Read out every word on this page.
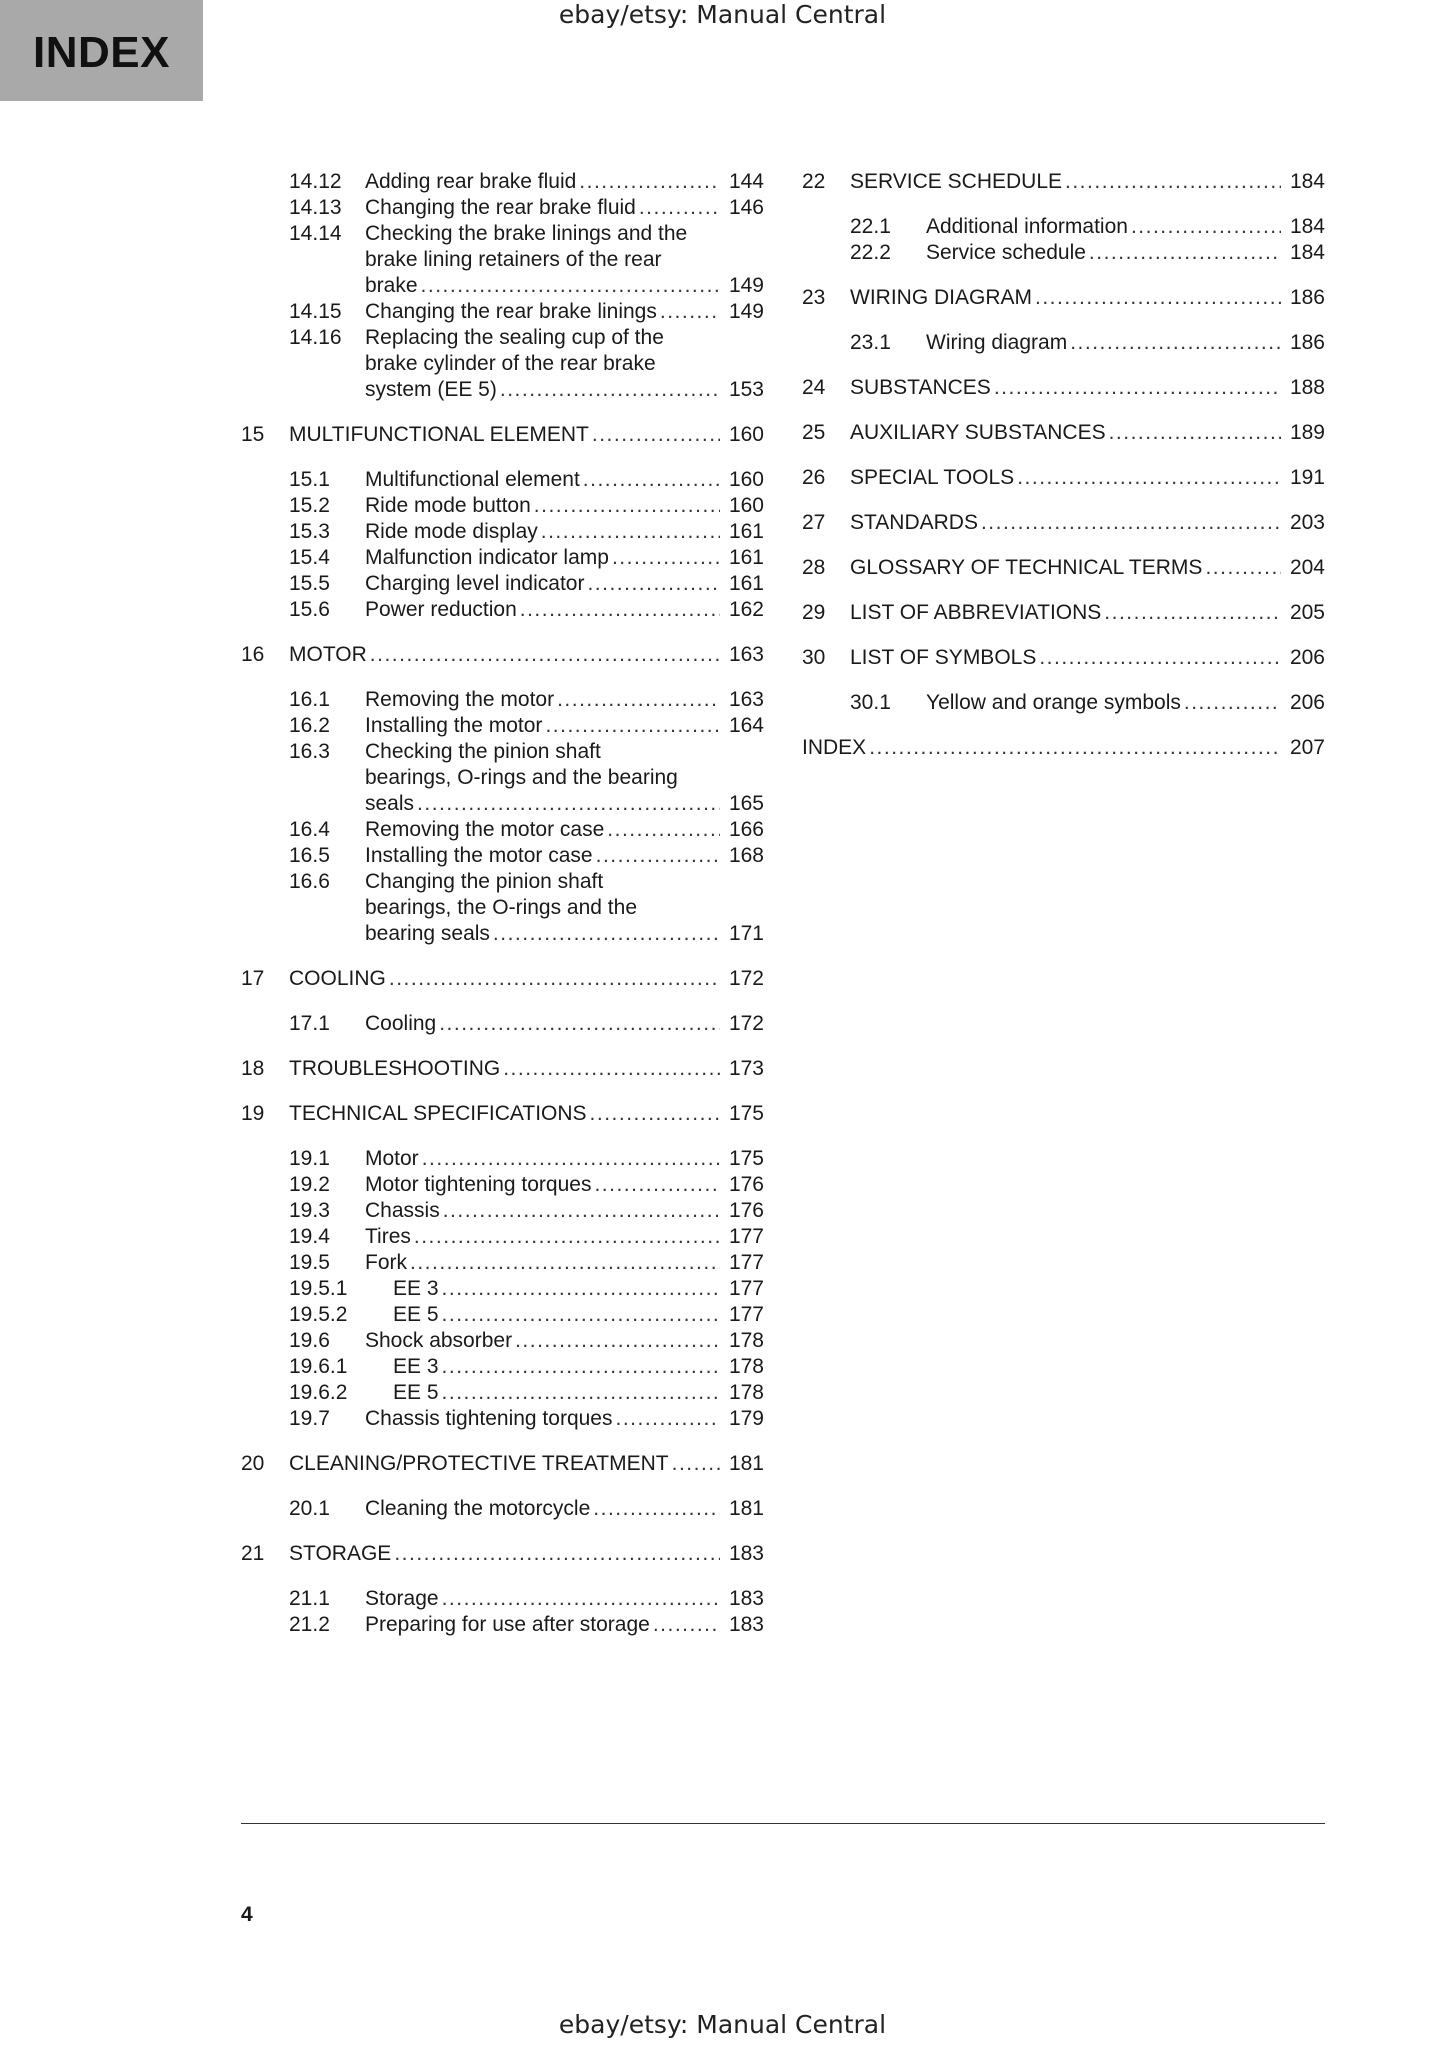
ebay/etsy: Manual Central
INDEX
14.12	Adding rear brake fluid .....	144
14.13	Changing the rear brake fluid .....	146
14.14	Checking the brake linings and the
brake lining retainers of the rear
brake .....	149
14.15	Changing the rear brake linings .....	149
14.16	Replacing the sealing cup of the
brake cylinder of the rear brake
system (EE 5) .....	153
15	MULTIFUNCTIONAL ELEMENT .....	160
15.1	Multifunctional element .....	160
15.2	Ride mode button .....	160
15.3	Ride mode display .....	161
15.4	Malfunction indicator lamp .....	161
15.5	Charging level indicator .....	161
15.6	Power reduction .....	162
16	MOTOR .....	163
16.1	Removing the motor .....	163
16.2	Installing the motor .....	164
16.3	Checking the pinion shaft
bearings, O-rings and the bearing
seals .....	165
16.4	Removing the motor case .....	166
16.5	Installing the motor case .....	168
16.6	Changing the pinion shaft
bearings, the O-rings and the
bearing seals .....	171
17	COOLING .....	172
17.1	Cooling .....	172
18	TROUBLESHOOTING .....	173
19	TECHNICAL SPECIFICATIONS .....	175
19.1	Motor .....	175
19.2	Motor tightening torques .....	176
19.3	Chassis .....	176
19.4	Tires .....	177
19.5	Fork .....	177
19.5.1	EE 3 .....	177
19.5.2	EE 5 .....	177
19.6	Shock absorber .....	178
19.6.1	EE 3 .....	178
19.6.2	EE 5 .....	178
19.7	Chassis tightening torques .....	179
20	CLEANING/PROTECTIVE TREATMENT .....	181
20.1	Cleaning the motorcycle .....	181
21	STORAGE .....	183
21.1	Storage .....	183
21.2	Preparing for use after storage .....	183
22	SERVICE SCHEDULE .....	184
22.1	Additional information .....	184
22.2	Service schedule .....	184
23	WIRING DIAGRAM .....	186
23.1	Wiring diagram .....	186
24	SUBSTANCES .....	188
25	AUXILIARY SUBSTANCES .....	189
26	SPECIAL TOOLS .....	191
27	STANDARDS .....	203
28	GLOSSARY OF TECHNICAL TERMS .....	204
29	LIST OF ABBREVIATIONS .....	205
30	LIST OF SYMBOLS .....	206
30.1	Yellow and orange symbols .....	206
INDEX .....	207
4
ebay/etsy: Manual Central
